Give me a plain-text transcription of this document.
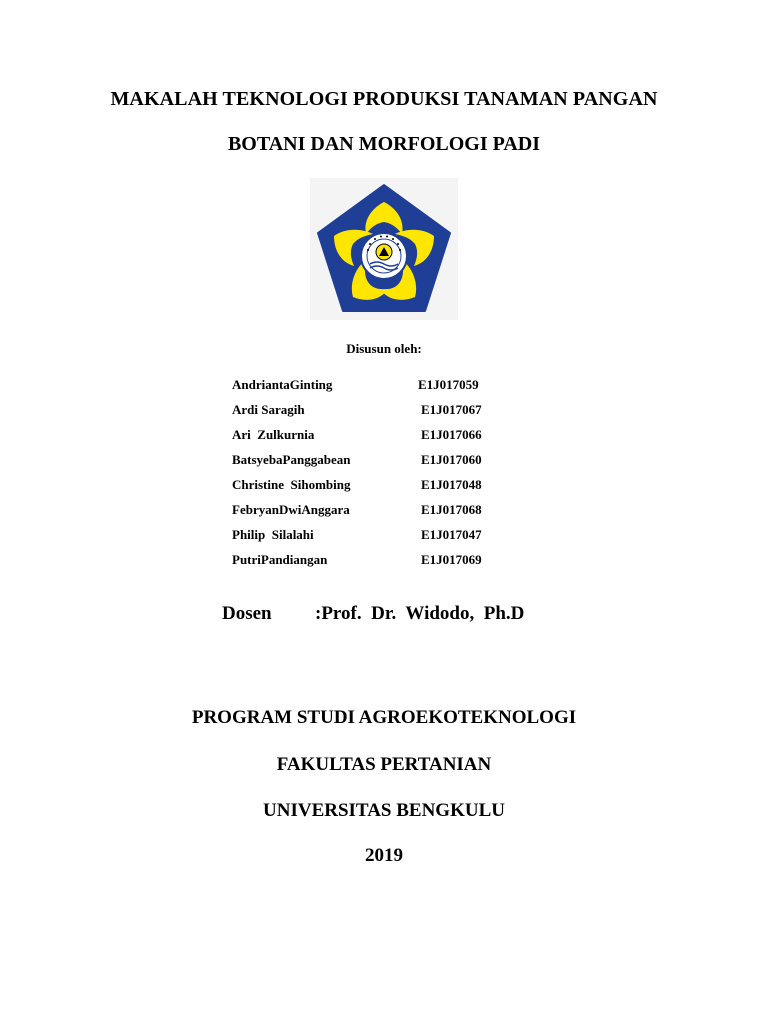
MAKALAH TEKNOLOGI PRODUKSI TANAMAN PANGAN
BOTANI DAN MORFOLOGI PADI
Disusun oleh:
AndriantaGinting	E1J017059
Ardi Saragih	E1J017067
Ari  Zulkurnia	E1J017066
BatsyebaPanggabean	E1J017060
Christine  Sihombing	E1J017048
FebryanDwiAnggara	E1J017068
Philip  Silalahi	E1J017047
PutriPandiangan	E1J017069
Dosen :Prof.  Dr.  Widodo,  Ph.D
PROGRAM STUDI AGROEKOTEKNOLOGI
FAKULTAS PERTANIAN
UNIVERSITAS BENGKULU
2019
